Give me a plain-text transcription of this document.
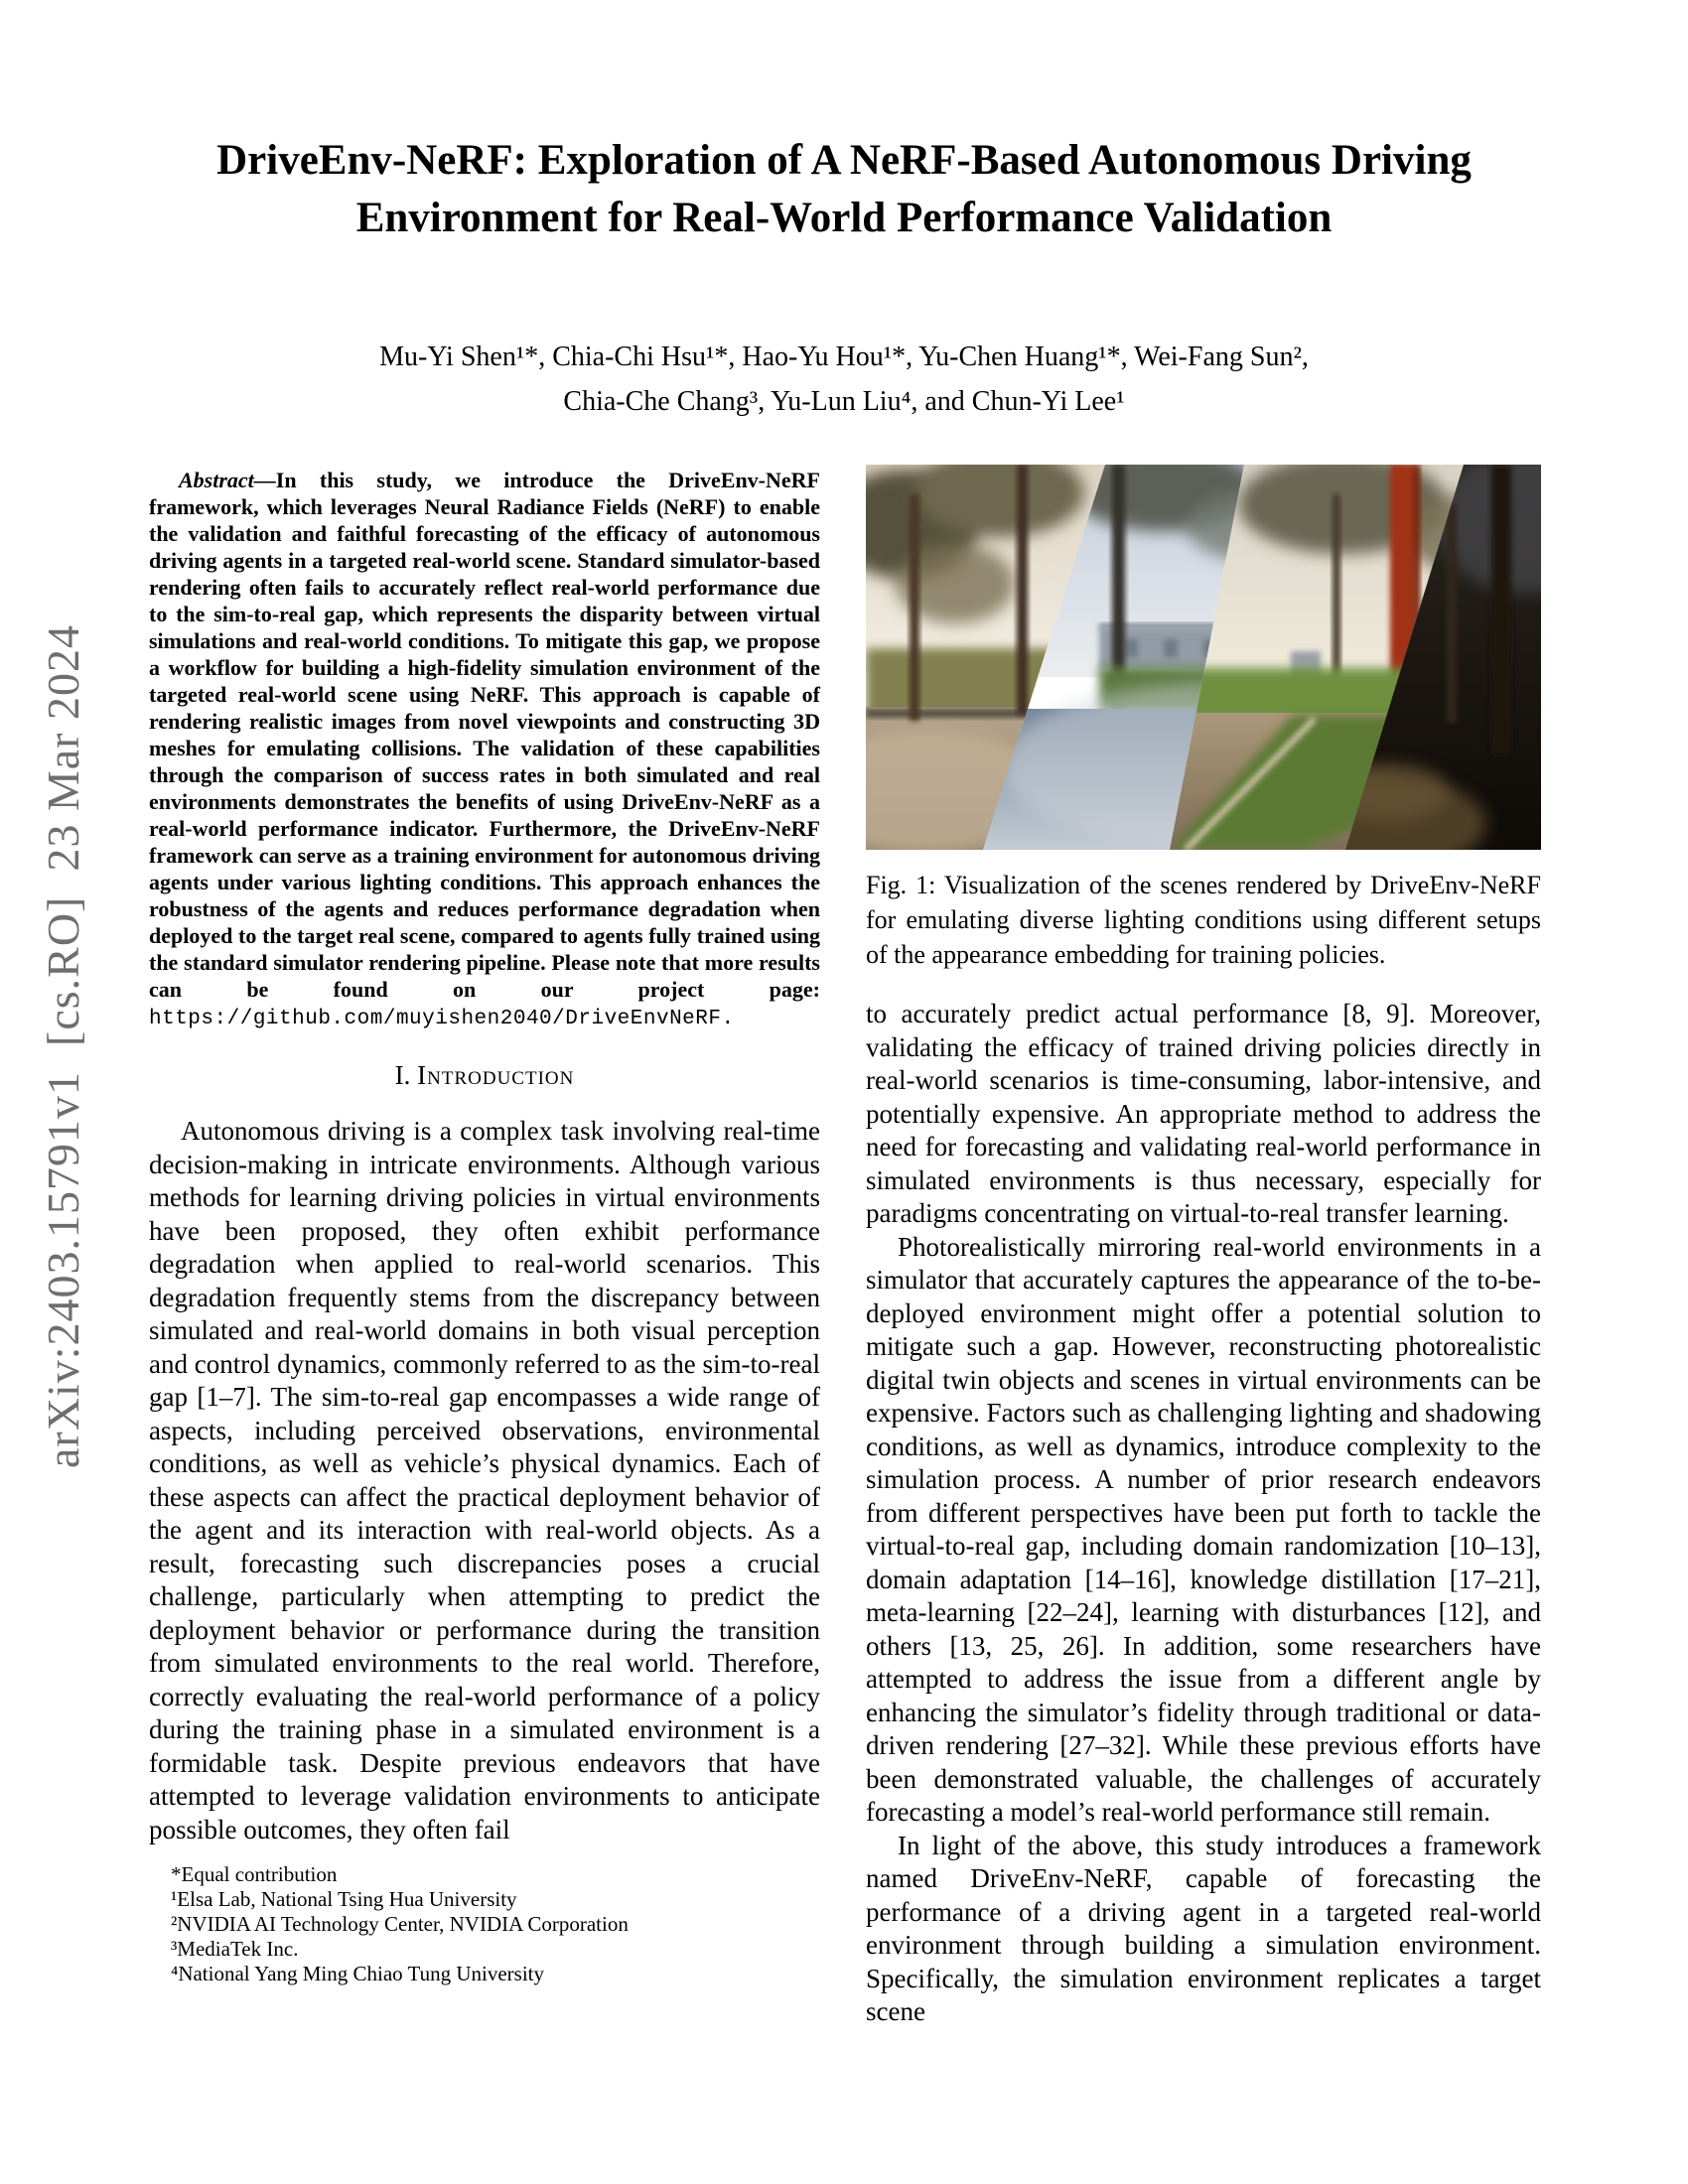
arXiv:2403.15791v1  [cs.RO]  23 Mar 2024
DriveEnv-NeRF: Exploration of A NeRF-Based Autonomous Driving Environment for Real-World Performance Validation
Mu-Yi Shen¹*, Chia-Chi Hsu¹*, Hao-Yu Hou¹*, Yu-Chen Huang¹*, Wei-Fang Sun²,
Chia-Che Chang³, Yu-Lun Liu⁴, and Chun-Yi Lee¹

Abstract—In this study, we introduce the DriveEnv-NeRF framework, which leverages Neural Radiance Fields (NeRF) to enable the validation and faithful forecasting of the efficacy of autonomous driving agents in a targeted real-world scene. Standard simulator-based rendering often fails to accurately reflect real-world performance due to the sim-to-real gap, which represents the disparity between virtual simulations and real-world conditions. To mitigate this gap, we propose a workflow for building a high-fidelity simulation environment of the targeted real-world scene using NeRF. This approach is capable of rendering realistic images from novel viewpoints and constructing 3D meshes for emulating collisions. The validation of these capabilities through the comparison of success rates in both simulated and real environments demonstrates the benefits of using DriveEnv-NeRF as a real-world performance indicator. Furthermore, the DriveEnv-NeRF framework can serve as a training environment for autonomous driving agents under various lighting conditions. This approach enhances the robustness of the agents and reduces performance degradation when deployed to the target real scene, compared to agents fully trained using the standard simulator rendering pipeline. Please note that more results can be found on our project page: https://github.com/muyishen2040/DriveEnvNeRF.

I. Introduction

Autonomous driving is a complex task involving real-time decision-making in intricate environments. Although various methods for learning driving policies in virtual environments have been proposed, they often exhibit performance degradation when applied to real-world scenarios. This degradation frequently stems from the discrepancy between simulated and real-world domains in both visual perception and control dynamics, commonly referred to as the sim-to-real gap [1–7]. The sim-to-real gap encompasses a wide range of aspects, including perceived observations, environmental conditions, as well as vehicle’s physical dynamics. Each of these aspects can affect the practical deployment behavior of the agent and its interaction with real-world objects. As a result, forecasting such discrepancies poses a crucial challenge, particularly when attempting to predict the deployment behavior or performance during the transition from simulated environments to the real world. Therefore, correctly evaluating the real-world performance of a policy during the training phase in a simulated environment is a formidable task. Despite previous endeavors that have attempted to leverage validation environments to anticipate possible outcomes, they often fail

*Equal contribution
¹Elsa Lab, National Tsing Hua University
²NVIDIA AI Technology Center, NVIDIA Corporation
³MediaTek Inc.
⁴National Yang Ming Chiao Tung University
Fig. 1: Visualization of the scenes rendered by DriveEnv-NeRF for emulating diverse lighting conditions using different setups of the appearance embedding for training policies.

to accurately predict actual performance [8, 9]. Moreover, validating the efficacy of trained driving policies directly in real-world scenarios is time-consuming, labor-intensive, and potentially expensive. An appropriate method to address the need for forecasting and validating real-world performance in simulated environments is thus necessary, especially for paradigms concentrating on virtual-to-real transfer learning.

Photorealistically mirroring real-world environments in a simulator that accurately captures the appearance of the to-be-deployed environment might offer a potential solution to mitigate such a gap. However, reconstructing photorealistic digital twin objects and scenes in virtual environments can be expensive. Factors such as challenging lighting and shadowing conditions, as well as dynamics, introduce complexity to the simulation process. A number of prior research endeavors from different perspectives have been put forth to tackle the virtual-to-real gap, including domain randomization [10–13], domain adaptation [14–16], knowledge distillation [17–21], meta-learning [22–24], learning with disturbances [12], and others [13, 25, 26]. In addition, some researchers have attempted to address the issue from a different angle by enhancing the simulator’s fidelity through traditional or data-driven rendering [27–32]. While these previous efforts have been demonstrated valuable, the challenges of accurately forecasting a model’s real-world performance still remain.

In light of the above, this study introduces a framework named DriveEnv-NeRF, capable of forecasting the performance of a driving agent in a targeted real-world environment through building a simulation environment. Specifically, the simulation environment replicates a target scene
